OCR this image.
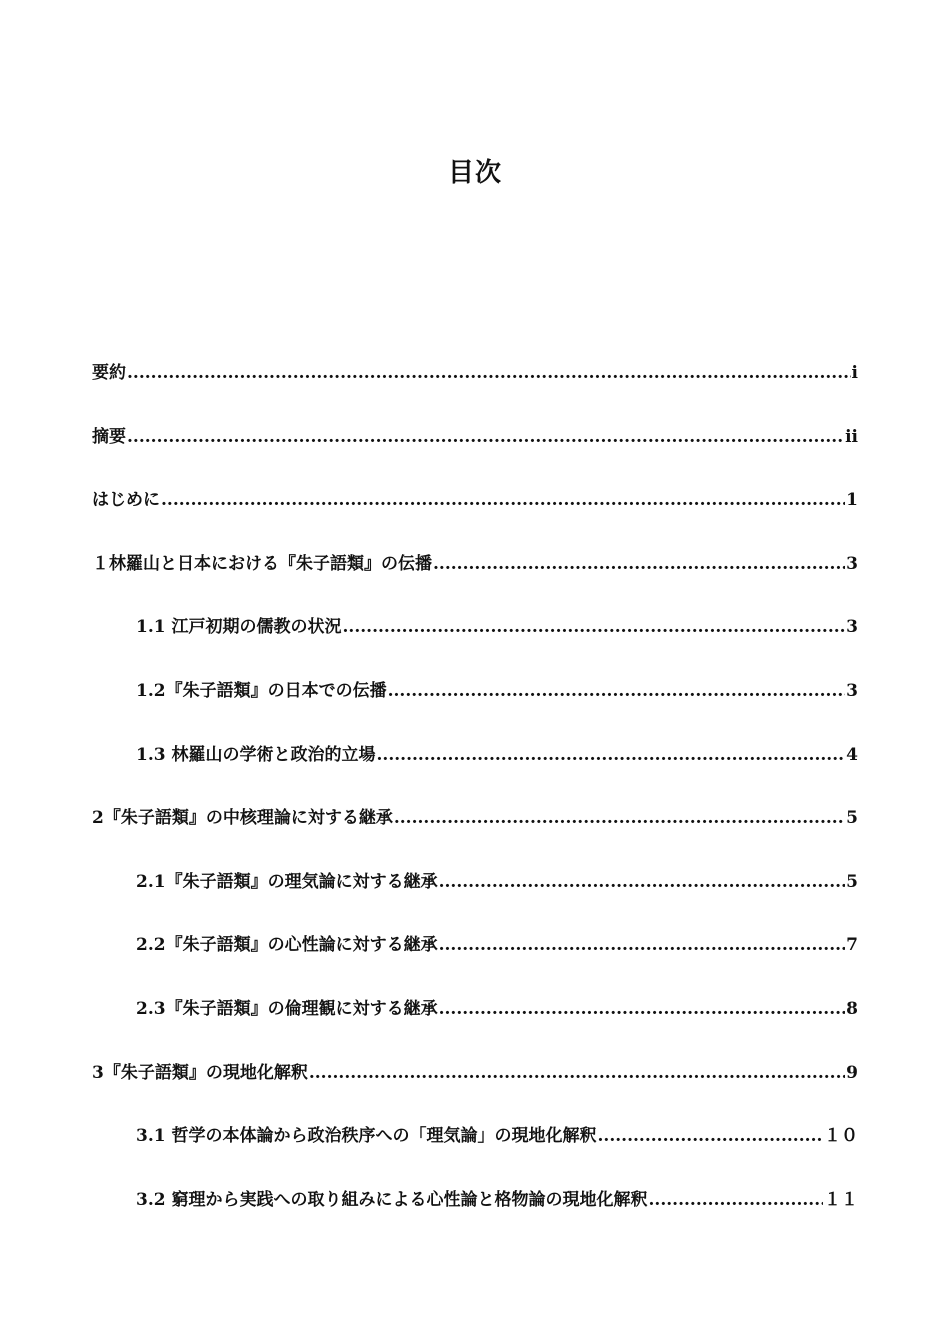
目次
要約 .....	i
摘要 .....	ii
はじめに .....	1
１林羅山と日本における『朱子語類』の伝播 .....	3
1.1 江戸初期の儒教の状況 .....	3
1.2『朱子語類』の日本での伝播 .....	3
1.3 林羅山の学術と政治的立場 .....	4
2『朱子語類』の中核理論に対する継承 .....	5
2.1『朱子語類』の理気論に対する継承 .....	5
2.2『朱子語類』の心性論に対する継承 .....	7
2.3『朱子語類』の倫理観に対する継承 .....	8
3『朱子語類』の現地化解釈 .....	9
3.1 哲学の本体論から政治秩序への「理気論」の現地化解釈 .....	１０
3.2 窮理から実践への取り組みによる心性論と格物論の現地化解釈 .....	１１
